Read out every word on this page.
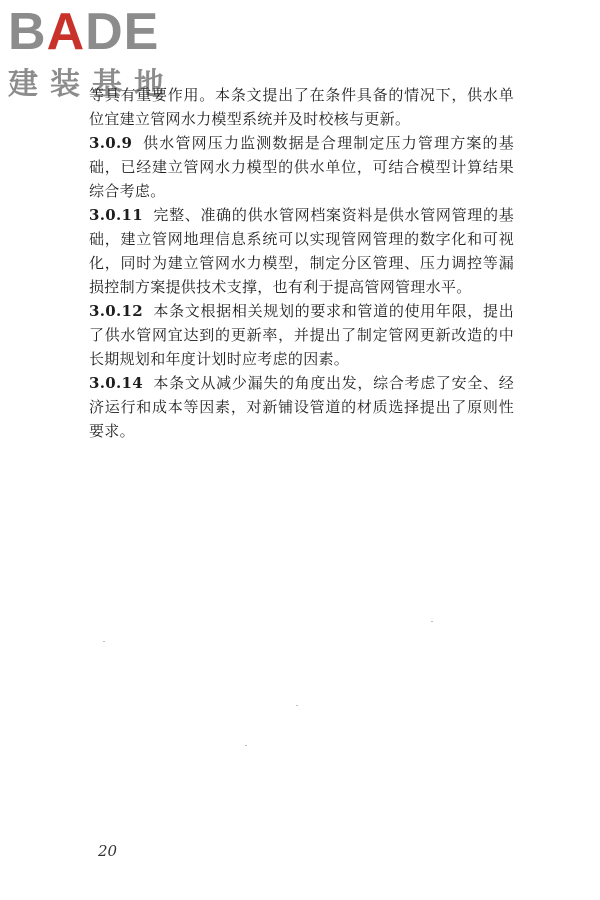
BADE
建装基地

等具有重要作用。本条文提出了在条件具备的情况下，供水单位宜建立管网水力模型系统并及时校核与更新。

3.0.9 供水管网压力监测数据是合理制定压力管理方案的基础，已经建立管网水力模型的供水单位，可结合模型计算结果综合考虑。

3.0.11 完整、准确的供水管网档案资料是供水管网管理的基础，建立管网地理信息系统可以实现管网管理的数字化和可视化，同时为建立管网水力模型，制定分区管理、压力调控等漏损控制方案提供技术支撑，也有利于提高管网管理水平。

3.0.12 本条文根据相关规划的要求和管道的使用年限，提出了供水管网宜达到的更新率，并提出了制定管网更新改造的中长期规划和年度计划时应考虑的因素。

3.0.14 本条文从减少漏失的角度出发，综合考虑了安全、经济运行和成本等因素，对新铺设管道的材质选择提出了原则性要求。

20
